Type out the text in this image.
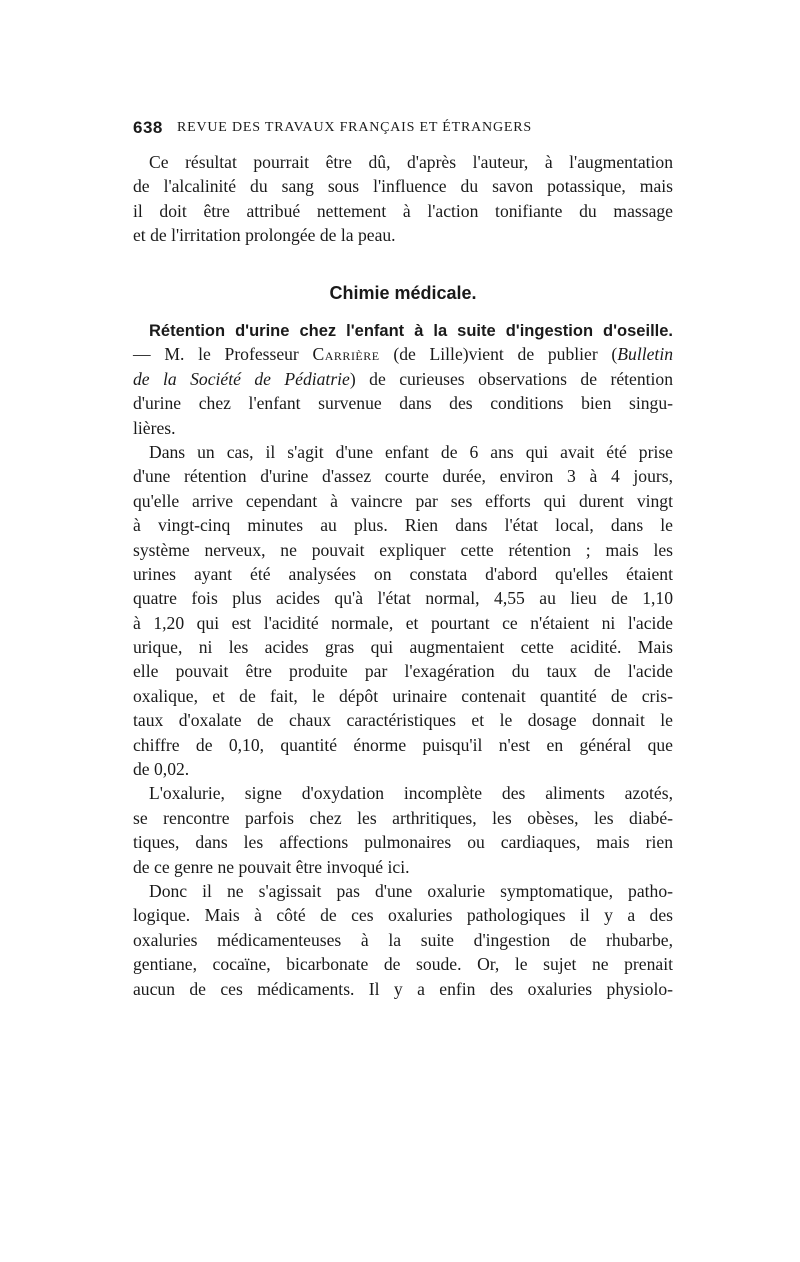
638 REVUE DES TRAVAUX FRANÇAIS ET ÉTRANGERS
Ce résultat pourrait être dû, d'après l'auteur, à l'augmentation
de l'alcalinité du sang sous l'influence du savon potassique, mais
il doit être attribué nettement à l'action tonifiante du massage
et de l'irritation prolongée de la peau.
Chimie médicale.
Rétention d'urine chez l'enfant à la suite d'ingestion d'oseille.
— M. le Professeur Carrière (de Lille)vient de publier (Bulletin
de la Société de Pédiatrie) de curieuses observations de rétention
d'urine chez l'enfant survenue dans des conditions bien singu-
lières.
Dans un cas, il s'agit d'une enfant de 6 ans qui avait été prise
d'une rétention d'urine d'assez courte durée, environ 3 à 4 jours,
qu'elle arrive cependant à vaincre par ses efforts qui durent vingt
à vingt-cinq minutes au plus. Rien dans l'état local, dans le
système nerveux, ne pouvait expliquer cette rétention ; mais les
urines ayant été analysées on constata d'abord qu'elles étaient
quatre fois plus acides qu'à l'état normal, 4,55 au lieu de 1,10
à 1,20 qui est l'acidité normale, et pourtant ce n'étaient ni l'acide
urique, ni les acides gras qui augmentaient cette acidité. Mais
elle pouvait être produite par l'exagération du taux de l'acide
oxalique, et de fait, le dépôt urinaire contenait quantité de cris-
taux d'oxalate de chaux caractéristiques et le dosage donnait le
chiffre de 0,10, quantité énorme puisqu'il n'est en général que
de 0,02.
L'oxalurie, signe d'oxydation incomplète des aliments azotés,
se rencontre parfois chez les arthritiques, les obèses, les diabé-
tiques, dans les affections pulmonaires ou cardiaques, mais rien
de ce genre ne pouvait être invoqué ici.
Donc il ne s'agissait pas d'une oxalurie symptomatique, patho-
logique. Mais à côté de ces oxaluries pathologiques il y a des
oxaluries médicamenteuses à la suite d'ingestion de rhubarbe,
gentiane, cocaïne, bicarbonate de soude. Or, le sujet ne prenait
aucun de ces médicaments. Il y a enfin des oxaluries physiolo-
